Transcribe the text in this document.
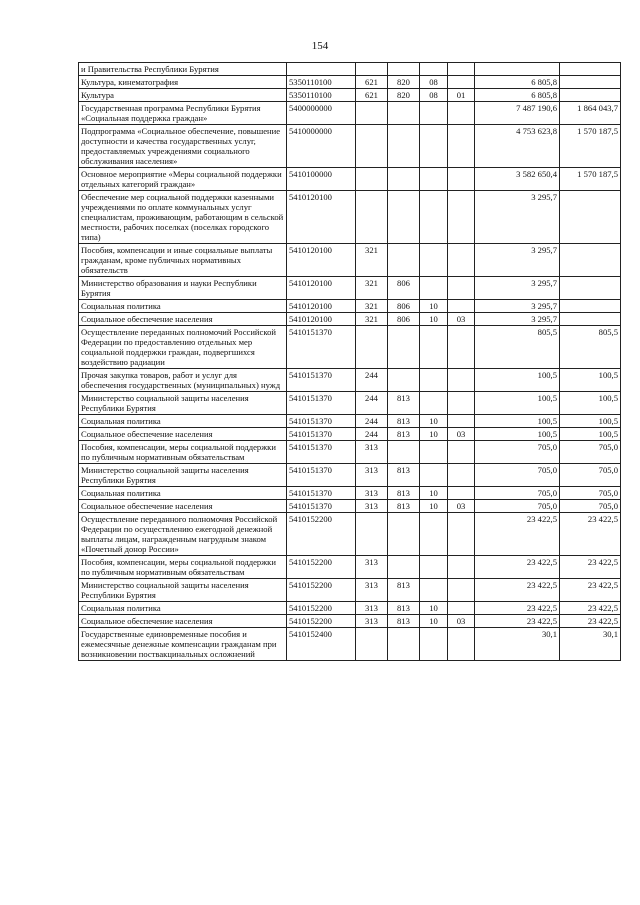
154
и Правительства Республики Бурятия							
Культура, кинематография	5350110100	621	820	08		6 805,8	
Культура	5350110100	621	820	08	01	6 805,8	
Государственная программа Республики Бурятия «Социальная поддержка граждан»	5400000000					7 487 190,6	1 864 043,7
Подпрограмма «Социальное обеспечение, повышение доступности и качества государственных услуг, предоставляемых учреждениями социального обслуживания населения»	5410000000					4 753 623,8	1 570 187,5
Основное мероприятие «Меры социальной поддержки отдельных категорий граждан»	5410100000					3 582 650,4	1 570 187,5
Обеспечение мер социальной поддержки казенными учреждениями по оплате коммунальных услуг специалистам, проживающим, работающим в сельской местности, рабочих поселках (поселках городского типа)	5410120100					3 295,7	
Пособия, компенсации и иные социальные выплаты гражданам, кроме публичных нормативных обязательств	5410120100	321				3 295,7	
Министерство образования и науки Республики Бурятия	5410120100	321	806			3 295,7	
Социальная политика	5410120100	321	806	10		3 295,7	
Социальное обеспечение населения	5410120100	321	806	10	03	3 295,7	
Осуществление переданных полномочий Российской Федерации по предоставлению отдельных мер социальной поддержки граждан, подвергшихся воздействию радиации	5410151370					805,5	805,5
Прочая закупка товаров, работ и услуг для обеспечения государственных (муниципальных) нужд	5410151370	244				100,5	100,5
Министерство социальной защиты населения Республики Бурятия	5410151370	244	813			100,5	100,5
Социальная политика	5410151370	244	813	10		100,5	100,5
Социальное обеспечение населения	5410151370	244	813	10	03	100,5	100,5
Пособия, компенсации, меры социальной поддержки по публичным нормативным обязательствам	5410151370	313				705,0	705,0
Министерство социальной защиты населения Республики Бурятия	5410151370	313	813			705,0	705,0
Социальная политика	5410151370	313	813	10		705,0	705,0
Социальное обеспечение населения	5410151370	313	813	10	03	705,0	705,0
Осуществление переданного полномочия Российской Федерации по осуществлению ежегодной денежной выплаты лицам, награжденным нагрудным знаком «Почетный донор России»	5410152200					23 422,5	23 422,5
Пособия, компенсации, меры социальной поддержки по публичным нормативным обязательствам	5410152200	313				23 422,5	23 422,5
Министерство социальной защиты населения Республики Бурятия	5410152200	313	813			23 422,5	23 422,5
Социальная политика	5410152200	313	813	10		23 422,5	23 422,5
Социальное обеспечение населения	5410152200	313	813	10	03	23 422,5	23 422,5
Государственные единовременные пособия и ежемесячные денежные компенсации гражданам при возникновении поствакцинальных осложнений	5410152400					30,1	30,1
